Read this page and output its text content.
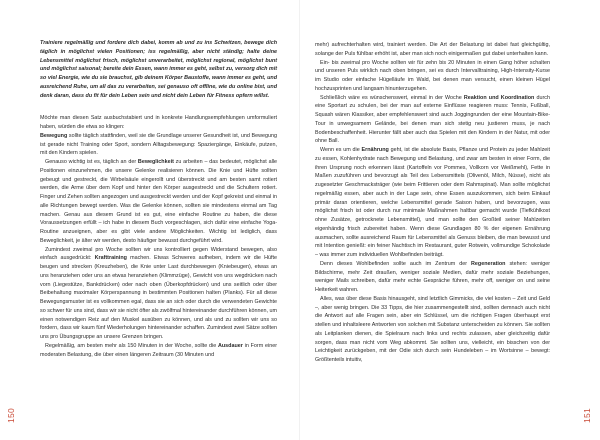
Trainiere regelmäßig und fordere dich dabei, komm ab und zu ins Schwitzen, bewege dich täglich in möglichst vielen Positionen; iss regelmäßig, aber nicht ständig; halte deine Lebensmittel möglichst frisch, möglichst unverarbeitet, möglichst regional, möglichst bunt und möglichst saisonal; bereite dein Essen, wann immer es geht, selbst zu, versorg dich mit so viel Energie, wie du sie brauchst, gib deinem Körper Baustoffe, wann immer es geht, und ausreichend Ruhe, um all das zu verarbeiten, sei genauso oft offline, wie du online bist, und denk daran, dass du fit für dein Leben sein und nicht dein Leben für Fitness opfern willst.

Möchte man diesen Satz ausbuchstabiert und in konkrete Handlungsempfehlungen umformuliert haben, würden die etwa so klingen:

Bewegung sollte täglich stattfinden, weil sie die Grundlage unserer Gesundheit ist, und Bewegung ist gerade nicht Training oder Sport, sondern Alltagsbewegung: Spaziergänge, Einkäufe, putzen, mit den Kindern spielen.

Genauso wichtig ist es, täglich an der Beweglichkeit zu arbeiten – das bedeutet, möglichst alle Positionen einzunehmen, die unsere Gelenke realisieren können. Die Knie und Hüfte sollten gebeugt und gestreckt, die Wirbelsäule eingerollt und überstreckt und am besten samt rotiert werden, die Arme über dem Kopf und hinter den Körper ausgestreckt und die Schultern rotiert. Finger und Zehen sollten angezogen und ausgestreckt werden und der Kopf gekreist und einmal in alle Richtungen bewegt werden. Was die Gelenke können, sollten sie mindestens einmal am Tag machen. Genau aus diesem Grund ist es gut, eine einfache Routine zu haben, die diese Voraussetzungen erfüllt – ich habe in diesem Buch vorgeschlagen, sich dafür eine einfache Yoga-Routine anzueignen, aber es gibt viele andere Möglichkeiten. Wichtig ist lediglich, dass Beweglichkeit, je älter wir werden, desto häufiger bewusst durchgeführt wird.

Zumindest zweimal pro Woche sollten wir uns kontrolliert gegen Widerstand bewegen, also einfach ausgedrückt: Krafttraining machen. Etwas Schweres aufheben, indem wir die Hüfte beugen und strecken (Kreuzheben), die Knie unter Last durchbewegen (Kniebeugen), etwas an uns heranziehen oder uns an etwas heranziehen (Klimmzüge), Gewicht von uns wegdrücken nach vorn (Liegestütze, Bankdrücken) oder nach oben (Überkopfdrücken) und uns seitlich oder über Beibehaltung maximaler Körperspannung in bestimmten Positionen halten (Planks). Für all diese Bewegungsmuster ist es vollkommen egal, dass sie an sich oder durch die verwendeten Gewichte so schwer für uns sind, dass wir sie nicht öfter als zwölfmal hintereinander durchführen können, um einen notwendigen Reiz auf den Muskel ausüben zu können, und als und zu sollten wir uns so fordern, dass wir kaum fünf Wiederholungen hintereinander schaffen. Zumindest zwei Sätze sollten uns pro Übungsgruppe an unsere Grenzen bringen.

Regelmäßig, am besten mehr als 150 Minuten in der Woche, sollte die Ausdauer in Form einer moderaten Belastung, die über einen längeren Zeitraum (30 Minuten und

mehr) aufrechterhalten wird, trainiert werden. Die Art der Belastung ist dabei fast gleichgültig, solange der Puls fühlbar erhöht ist, aber man sich noch einigermaßen gut dabei unterhalten kann.

Ein- bis zweimal pro Woche sollten wir für zehn bis 20 Minuten in einen Gang höher schalten und unseren Puls wirklich nach oben bringen, sei es durch Intervalltraining, High-Intensity-Kurse im Studio oder einfache Hügelläufe im Wald, bei denen man versucht, einen kleinen Hügel hochzusprinten und langsam hinunterzugehen.

Schließlich wäre es wünschenswert, einmal in der Woche Reaktion und Koordination durch eine Sportart zu schulen, bei der man auf externe Einflüsse reagieren muss: Tennis, Fußball, Squash wären Klassiker, aber empfehlenswert sind auch Joggingrunden der eine Mountain-Bike-Tour in unwegsamem Gelände, bei denen man sich stetig neu justieren muss, je nach Bodenbeschaffenheit. Hierunter fällt aber auch das Spielen mit den Kindern in der Natur, mit oder ohne Ball.

Wenn es um die Ernährung geht, ist die absolute Basis, Pflanze und Protein zu jeder Mahlzeit zu essen, Kohlenhydrate nach Bewegung und Belastung, und zwar am besten in einer Form, die ihren Ursprung noch erkennen lässt (Kartoffeln vor Pommes, Vollkorn vor Weißmehl), Fette in Maßen zuzuführen und bevorzugt als Teil des Lebensmittels (Olivenöl, Milch, Nüsse), nicht als zugesetzter Geschmacksträger (wie beim Frittieren oder dem Rahmspinat). Man sollte möglichst regelmäßig essen, aber auch in der Lage sein, ohne Essen auszukommen, sich beim Einkauf primär daran orientieren, welche Lebensmittel gerade Saison haben, und bevorzugen, was möglichst frisch ist oder durch nur minimale Maßnahmen haltbar gemacht wurde (Tiefkühlkost ohne Zusätze, getrocknete Lebensmittel), und man sollte den Großteil seiner Mahlzeiten eigenhändig frisch zubereitet haben. Wenn diese Grundlagen 80 % der eigenen Ernährung ausmachen, sollte ausreichend Raum für Lebensmittel als Genuss bleiben, die man bewusst und mit Intention genießt: ein feiner Nachtisch im Restaurant, guter Rotwein, vollmundige Schokolade – was immer zum individuellen Wohlbefinden beiträgt.

Denn dieses Wohlbefinden sollte auch im Zentrum der Regeneration stehen: weniger Bildschirme, mehr Zeit draußen, weniger soziale Medien, dafür mehr soziale Beziehungen, weniger Mails schreiben, dafür mehr echte Gespräche führen, mehr off, weniger on und seine Heiterkeit wahren.

Alles, was über diese Basis hinausgeht, sind letztlich Gimmicks, die viel kosten – Zeit und Geld –, aber wenig bringen. Die 33 Tipps, die hier zusammengestellt sind, sollten demnach auch nicht die Antwort auf alle Fragen sein, aber ein Schlüssel, um die richtigen Fragen überhaupt erst stellen und inhaltsleere Antworten von solchen mit Substanz unterscheiden zu können. Sie sollten als Leitplanken dienen, die Spielraum nach links und rechts zulassen, aber gleichzeitig dafür sorgen, dass man nicht vom Weg abkommt. Sie sollten uns, vielleicht, ein bisschen von der Leichtigkeit zurückgeben, mit der Odie sich durch sein Hundeleben – im Wortsinne – bewegt: Größtenteils intuitiv,

150	151
